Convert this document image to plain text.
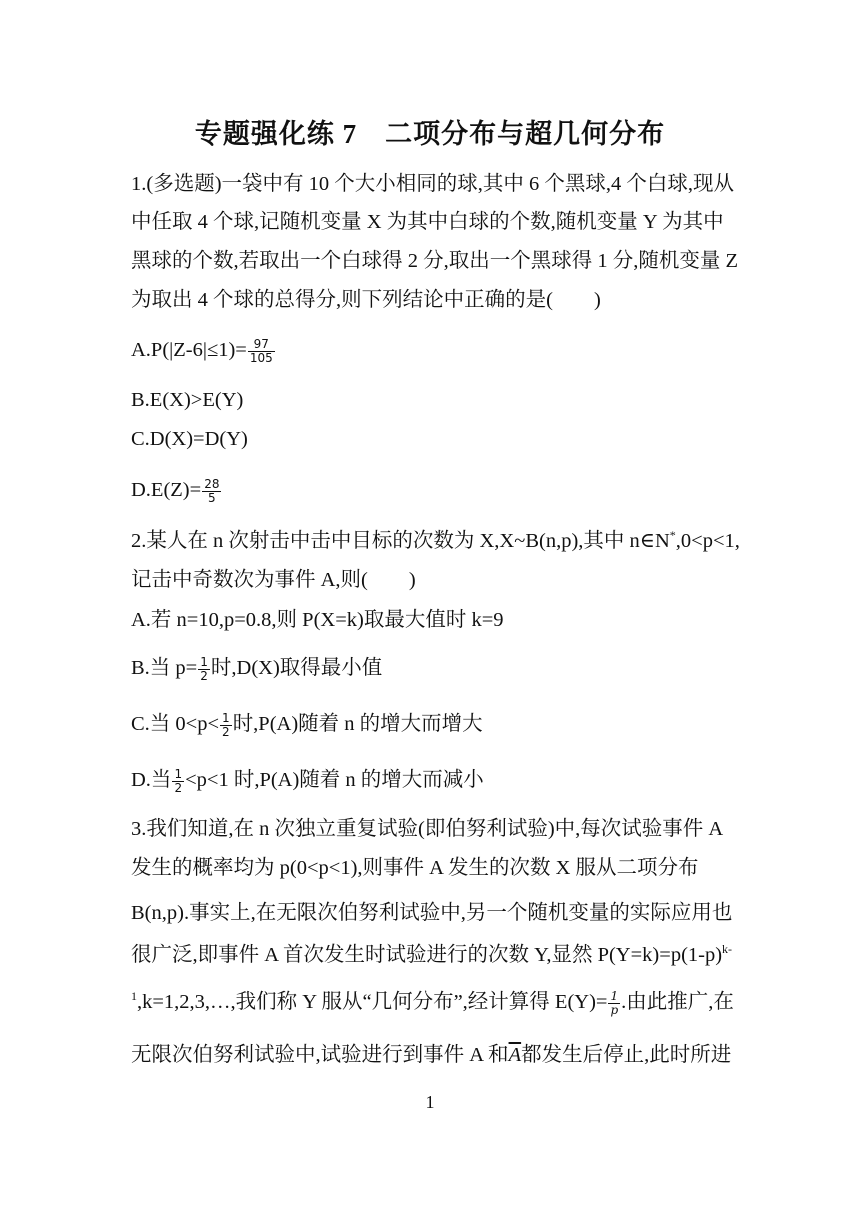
专题强化练 7　二项分布与超几何分布
1.(多选题)一袋中有 10 个大小相同的球,其中 6 个黑球,4 个白球,现从
中任取 4 个球,记随机变量 X 为其中白球的个数,随机变量 Y 为其中
黑球的个数,若取出一个白球得 2 分,取出一个黑球得 1 分,随机变量 Z
为取出 4 个球的总得分,则下列结论中正确的是(　　)
$A.P(|Z-6|\le 1)= \frac{97}{105}$
B.E(X)>E(Y)
C.D(X)=D(Y)
$D.E(Z)= \frac{28}{5}$
2.某人在 n 次射击中击中目标的次数为 X,X~B(n,p),其中 n∈N*,0<p<1,
记击中奇数次为事件 A,则(　　)
A.若 n=10,p=0.8,则 P(X=k)取最大值时 k=9
B.当 $p= \frac{1}{2}$ 时,D(X)取得最小值
C.当 $0<p< \frac{1}{2}$ 时,P(A)随着 n 的增大而增大
D.当 $\frac{1}{2} <p<1$ 时,P(A)随着 n 的增大而减小
3.我们知道,在 n 次独立重复试验(即伯努利试验)中,每次试验事件 A
发生的概率均为 p(0<p<1),则事件 A 发生的次数 X 服从二项分布
B(n,p).事实上,在无限次伯努利试验中,另一个随机变量的实际应用也
很广泛,即事件 A 首次发生时试验进行的次数 Y,显然 $P(Y=k)=p(1-p)^{k-}$
$^1$,k=1,2,3,…,我们称 Y 服从“几何分布”,经计算得 $E(Y)= \frac{1}{p}$ .由此推广,在
无限次伯努利试验中,试验进行到事件 A 和$\overline{A}$都发生后停止,此时所进
1
